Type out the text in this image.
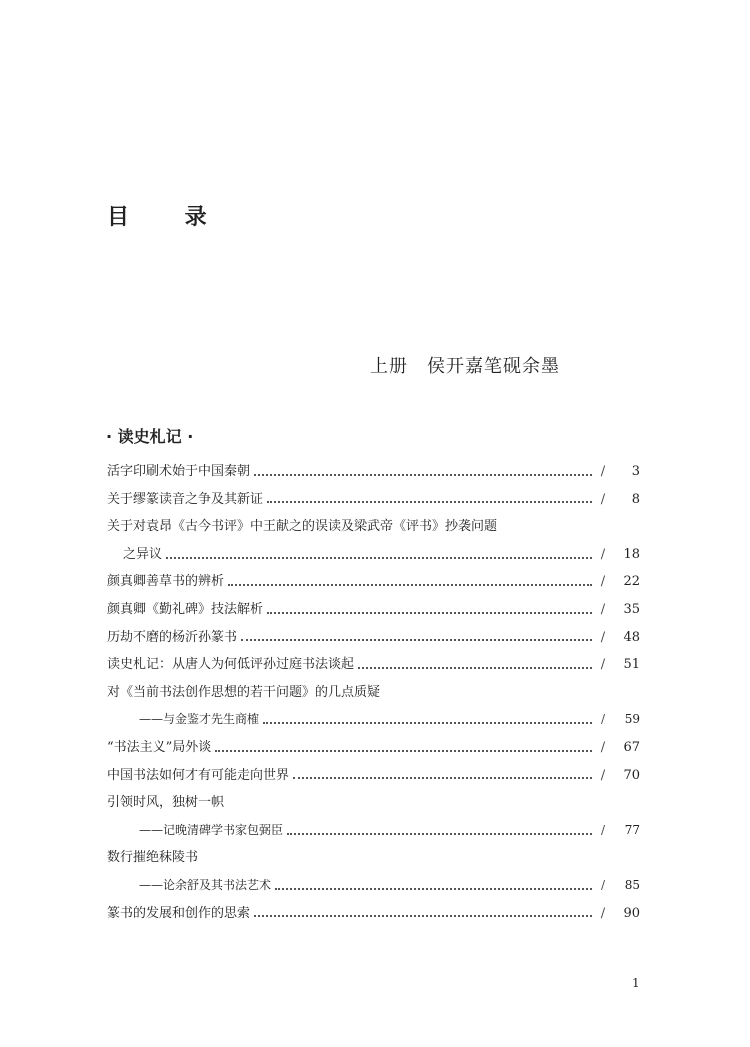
目 录
上册　侯开嘉笔砚余墨
· 读史札记 ·
活字印刷术始于中国秦朝	/	3
关于缪篆读音之争及其新证	/	8
关于对袁昂《古今书评》中王献之的误读及梁武帝《评书》抄袭问题
之异议	/	18
颜真卿善草书的辨析	/	22
颜真卿《勤礼碑》技法解析	/	35
历劫不磨的杨沂孙篆书	/	48
读史札记：从唐人为何低评孙过庭书法谈起	/	51
对《当前书法创作思想的若干问题》的几点质疑
——与金鉴才先生商榷	/	59
“书法主义”局外谈	/	67
中国书法如何才有可能走向世界	/	70
引领时风，独树一帜
——记晚清碑学书家包弼臣	/	77
数行摧绝秣陵书
——论余舒及其书法艺术	/	85
篆书的发展和创作的思索	/	90
1
